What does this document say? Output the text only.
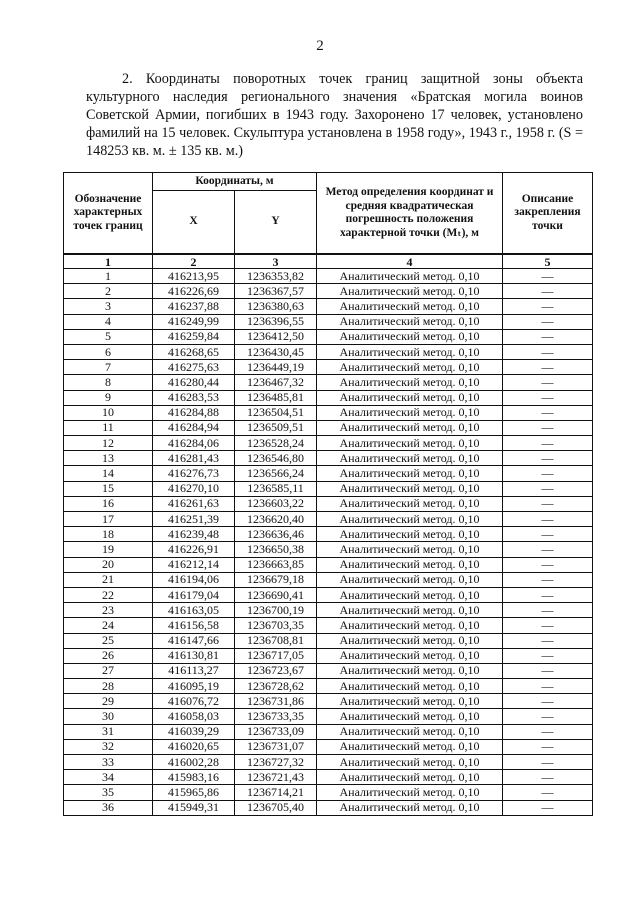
2
2. Координаты поворотных точек границ защитной зоны объекта культурного наследия регионального значения «Братская могила воинов Советской Армии, погибших в 1943 году. Захоронено 17 человек, установлено фамилий на 15 человек. Скульптура установлена в 1958 году», 1943 г., 1958 г. (S = 148253 кв. м. ± 135 кв. м.)
Обозначение характерных точек границ	Координаты, м		Метод определения координат и средняя квадратическая погрешность положения характерной точки (Mₜ), м	Описание закрепления точки
	X	Y		
1	2	3	4	5
1	416213,95	1236353,82	Аналитический метод. 0,10	—
2	416226,69	1236367,57	Аналитический метод. 0,10	—
3	416237,88	1236380,63	Аналитический метод. 0,10	—
4	416249,99	1236396,55	Аналитический метод. 0,10	—
5	416259,84	1236412,50	Аналитический метод. 0,10	—
6	416268,65	1236430,45	Аналитический метод. 0,10	—
7	416275,63	1236449,19	Аналитический метод. 0,10	—
8	416280,44	1236467,32	Аналитический метод. 0,10	—
9	416283,53	1236485,81	Аналитический метод. 0,10	—
10	416284,88	1236504,51	Аналитический метод. 0,10	—
11	416284,94	1236509,51	Аналитический метод. 0,10	—
12	416284,06	1236528,24	Аналитический метод. 0,10	—
13	416281,43	1236546,80	Аналитический метод. 0,10	—
14	416276,73	1236566,24	Аналитический метод. 0,10	—
15	416270,10	1236585,11	Аналитический метод. 0,10	—
16	416261,63	1236603,22	Аналитический метод. 0,10	—
17	416251,39	1236620,40	Аналитический метод. 0,10	—
18	416239,48	1236636,46	Аналитический метод. 0,10	—
19	416226,91	1236650,38	Аналитический метод. 0,10	—
20	416212,14	1236663,85	Аналитический метод. 0,10	—
21	416194,06	1236679,18	Аналитический метод. 0,10	—
22	416179,04	1236690,41	Аналитический метод. 0,10	—
23	416163,05	1236700,19	Аналитический метод. 0,10	—
24	416156,58	1236703,35	Аналитический метод. 0,10	—
25	416147,66	1236708,81	Аналитический метод. 0,10	—
26	416130,81	1236717,05	Аналитический метод. 0,10	—
27	416113,27	1236723,67	Аналитический метод. 0,10	—
28	416095,19	1236728,62	Аналитический метод. 0,10	—
29	416076,72	1236731,86	Аналитический метод. 0,10	—
30	416058,03	1236733,35	Аналитический метод. 0,10	—
31	416039,29	1236733,09	Аналитический метод. 0,10	—
32	416020,65	1236731,07	Аналитический метод. 0,10	—
33	416002,28	1236727,32	Аналитический метод. 0,10	—
34	415983,16	1236721,43	Аналитический метод. 0,10	—
35	415965,86	1236714,21	Аналитический метод. 0,10	—
36	415949,31	1236705,40	Аналитический метод. 0,10	—
